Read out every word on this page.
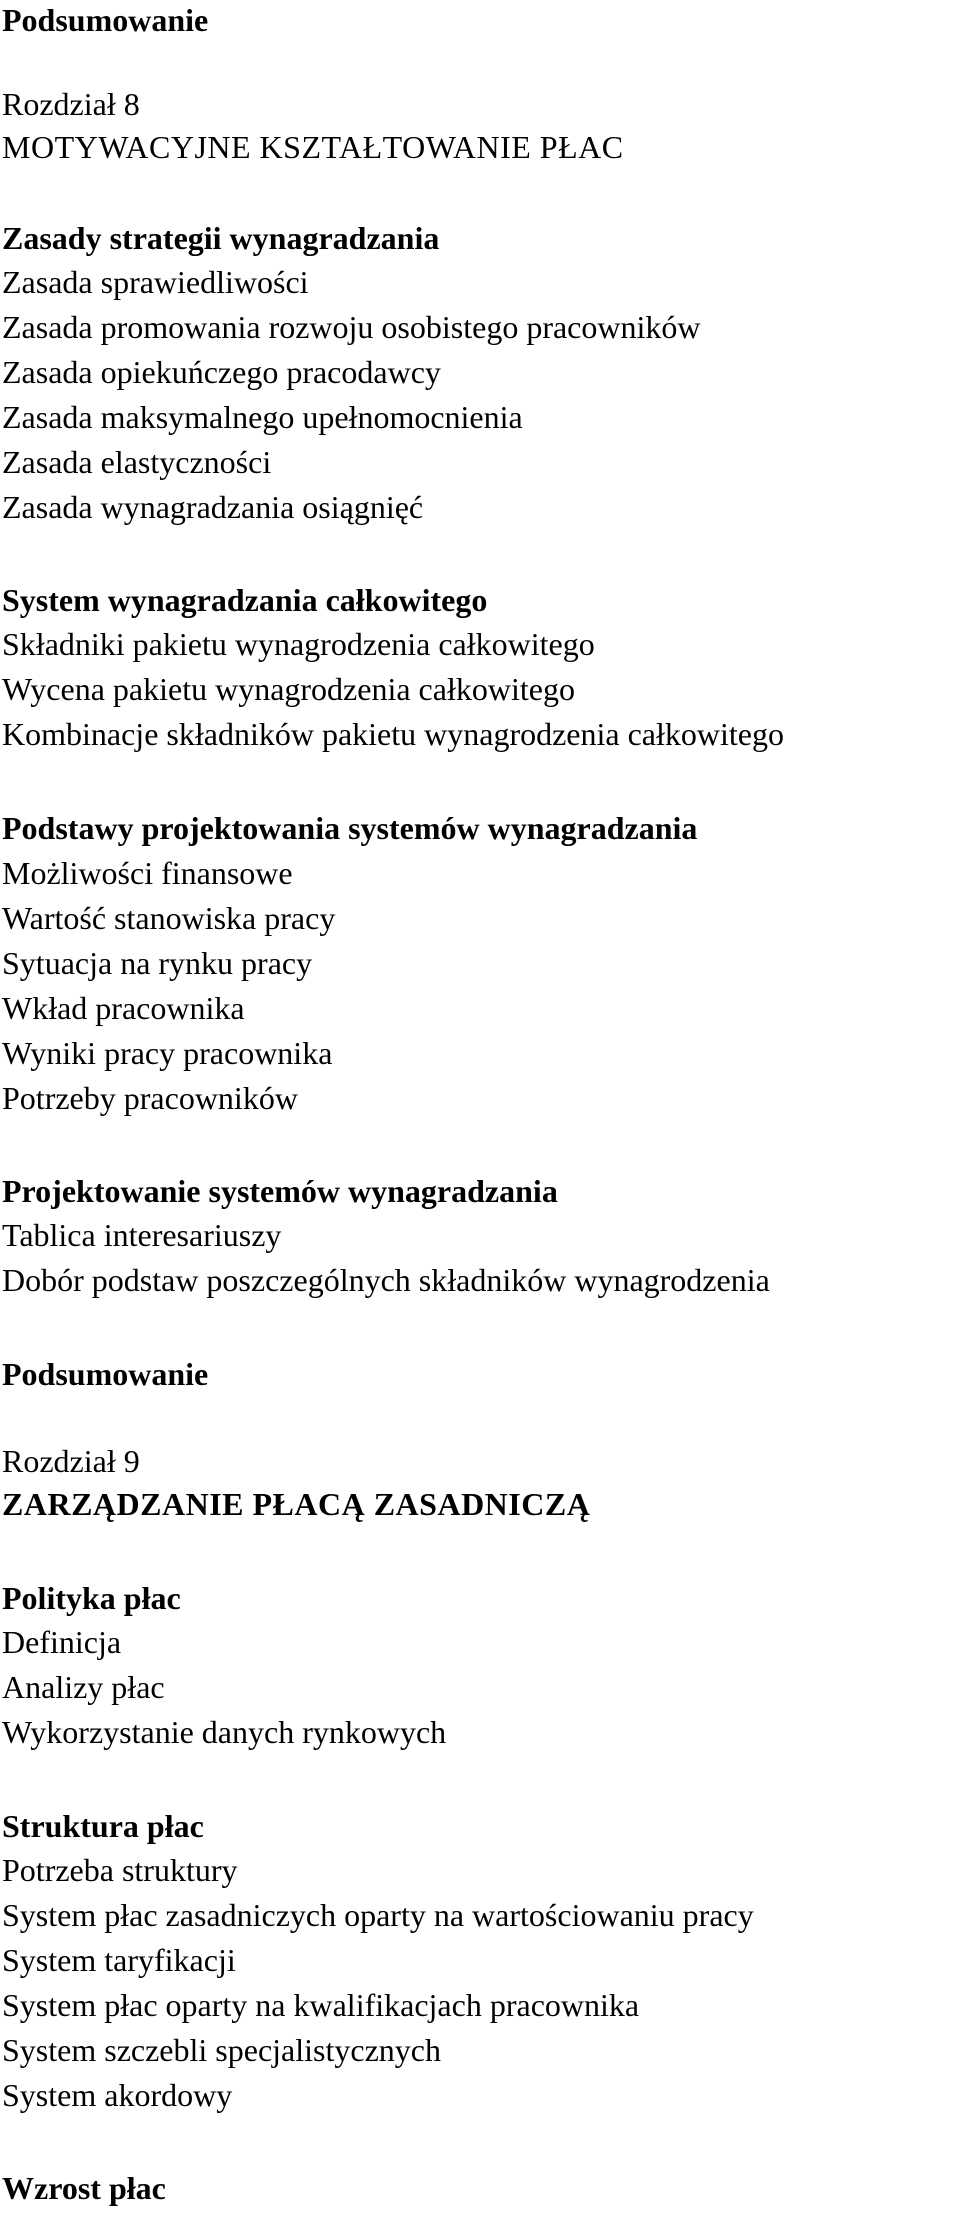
Podsumowanie
Rozdział 8
MOTYWACYJNE KSZTAŁTOWANIE PŁAC
Zasady strategii wynagradzania
Zasada sprawiedliwości
Zasada promowania rozwoju osobistego pracowników
Zasada opiekuńczego pracodawcy
Zasada maksymalnego upełnomocnienia
Zasada elastyczności
Zasada wynagradzania osiągnięć
System wynagradzania całkowitego
Składniki pakietu wynagrodzenia całkowitego
Wycena pakietu wynagrodzenia całkowitego
Kombinacje składników pakietu wynagrodzenia całkowitego
Podstawy projektowania systemów wynagradzania
Możliwości finansowe
Wartość stanowiska pracy
Sytuacja na rynku pracy
Wkład pracownika
Wyniki pracy pracownika
Potrzeby pracowników
Projektowanie systemów wynagradzania
Tablica interesariuszy
Dobór podstaw poszczególnych składników wynagrodzenia
Podsumowanie
Rozdział 9
ZARZĄDZANIE PŁACĄ ZASADNICZĄ
Polityka płac
Definicja
Analizy płac
Wykorzystanie danych rynkowych
Struktura płac
Potrzeba struktury
System płac zasadniczych oparty na wartościowaniu pracy
System taryfikacji
System płac oparty na kwalifikacjach pracownika
System szczebli specjalistycznych
System akordowy
Wzrost płac
